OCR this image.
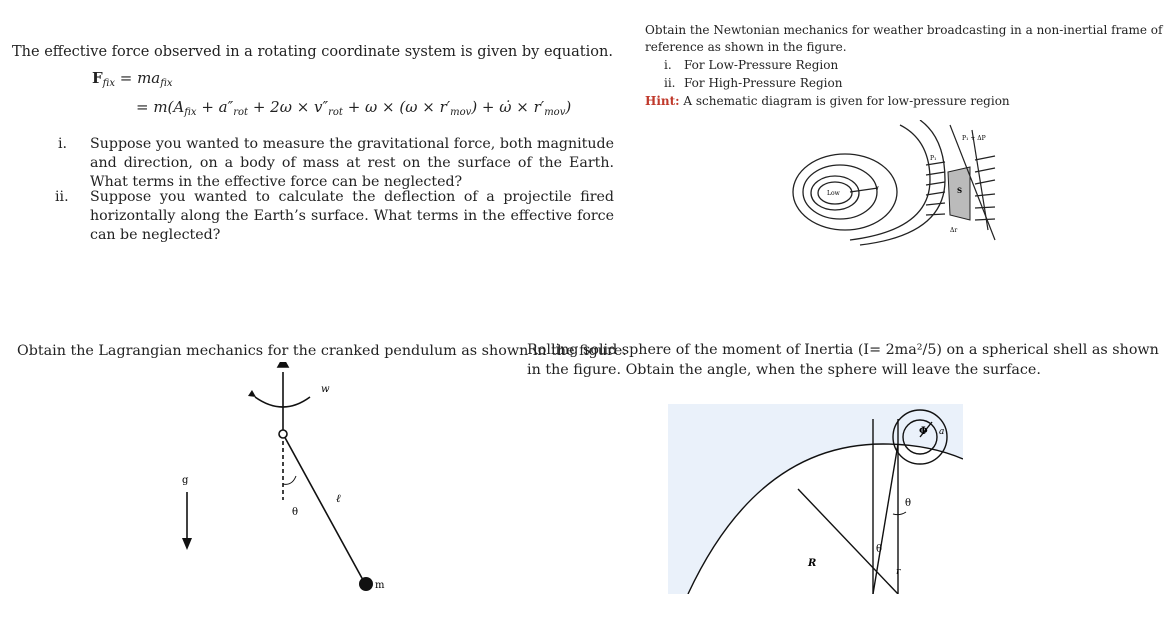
The effective force observed in a rotating coordinate system is given by equation.
$F_{fix} = ma_{fix}$
= $m(A_{fix} + a''_{rot} + 2\omega \times v''_{rot} + \omega \times (\omega \times r'_{mov})$ + ω̇ × $r'_{mov}$)
i. Suppose you wanted to measure the gravitational force, both magnitude and direction, on a body of mass at rest on the surface of the Earth. What terms in the effective force can be neglected?
ii. Suppose you wanted to calculate the deflection of a projectile fired horizontally along the Earth’s surface. What terms in the effective force can be neglected?
Obtain the Newtonian mechanics for weather broadcasting in a non-inertial frame of
reference as shown in the figure.
i. For Low-Pressure Region
ii. For High-Pressure Region
Hint: A schematic diagram is given for low-pressure region
Low
r
P₁
P₁ + ΔP
S
Δr
Obtain the Lagrangian mechanics for the cranked pendulum as shown in the figure.
w
g
θ
ℓ
m
Rolling solid sphere of the moment of Inertia (I= 2ma²/5) on a spherical shell as shown
in the figure. Obtain the angle, when the sphere will leave the surface.
Φ a
θ
θ
R
r
